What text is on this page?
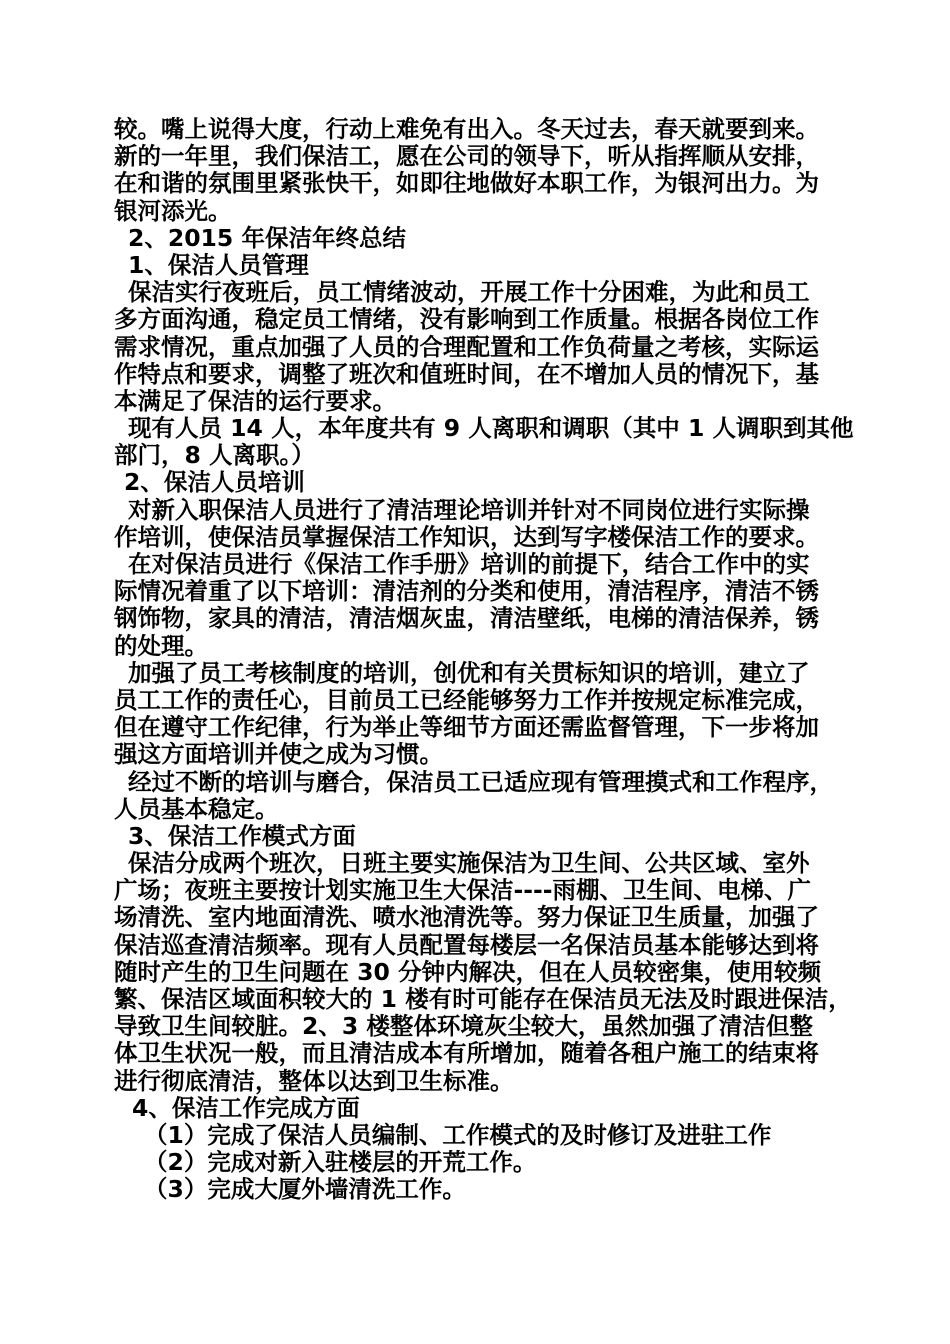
较。嘴上说得大度，行动上难免有出入。冬天过去，春天就要到来。
新的一年里，我们保洁工，愿在公司的领导下，听从指挥顺从安排，
在和谐的氛围里紧张快干，如即往地做好本职工作，为银河出力。为
银河添光。
2、2015 年保洁年终总结
1、保洁人员管理
保洁实行夜班后，员工情绪波动，开展工作十分困难，为此和员工
多方面沟通，稳定员工情绪，没有影响到工作质量。根据各岗位工作
需求情况，重点加强了人员的合理配置和工作负荷量之考核，实际运
作特点和要求，调整了班次和值班时间，在不增加人员的情况下，基
本满足了保洁的运行要求。
现有人员 14 人，本年度共有 9 人离职和调职（其中 1 人调职到其他
部门，8 人离职。）
2、保洁人员培训
对新入职保洁人员进行了清洁理论培训并针对不同岗位进行实际操
作培训，使保洁员掌握保洁工作知识，达到写字楼保洁工作的要求。
在对保洁员进行《保洁工作手册》培训的前提下，结合工作中的实
际情况着重了以下培训：清洁剂的分类和使用，清洁程序，清洁不锈
钢饰物，家具的清洁，清洁烟灰盅，清洁壁纸，电梯的清洁保养，锈
的处理。
加强了员工考核制度的培训，创优和有关贯标知识的培训，建立了
员工工作的责任心，目前员工已经能够努力工作并按规定标准完成，
但在遵守工作纪律，行为举止等细节方面还需监督管理，下一步将加
强这方面培训并使之成为习惯。
经过不断的培训与磨合，保洁员工已适应现有管理摸式和工作程序，
人员基本稳定。
3、保洁工作模式方面
保洁分成两个班次，日班主要实施保洁为卫生间、公共区域、室外
广场；夜班主要按计划实施卫生大保洁----雨棚、卫生间、电梯、广
场清洗、室内地面清洗、喷水池清洗等。努力保证卫生质量，加强了
保洁巡查清洁频率。现有人员配置每楼层一名保洁员基本能够达到将
随时产生的卫生问题在 30 分钟内解决，但在人员较密集，使用较频
繁、保洁区域面积较大的 1 楼有时可能存在保洁员无法及时跟进保洁，
导致卫生间较脏。2、3 楼整体环境灰尘较大，虽然加强了清洁但整
体卫生状况一般，而且清洁成本有所增加，随着各租户施工的结束将
进行彻底清洁，整体以达到卫生标准。
4、保洁工作完成方面
（1）完成了保洁人员编制、工作模式的及时修订及进驻工作
（2）完成对新入驻楼层的开荒工作。
（3）完成大厦外墙清洗工作。
